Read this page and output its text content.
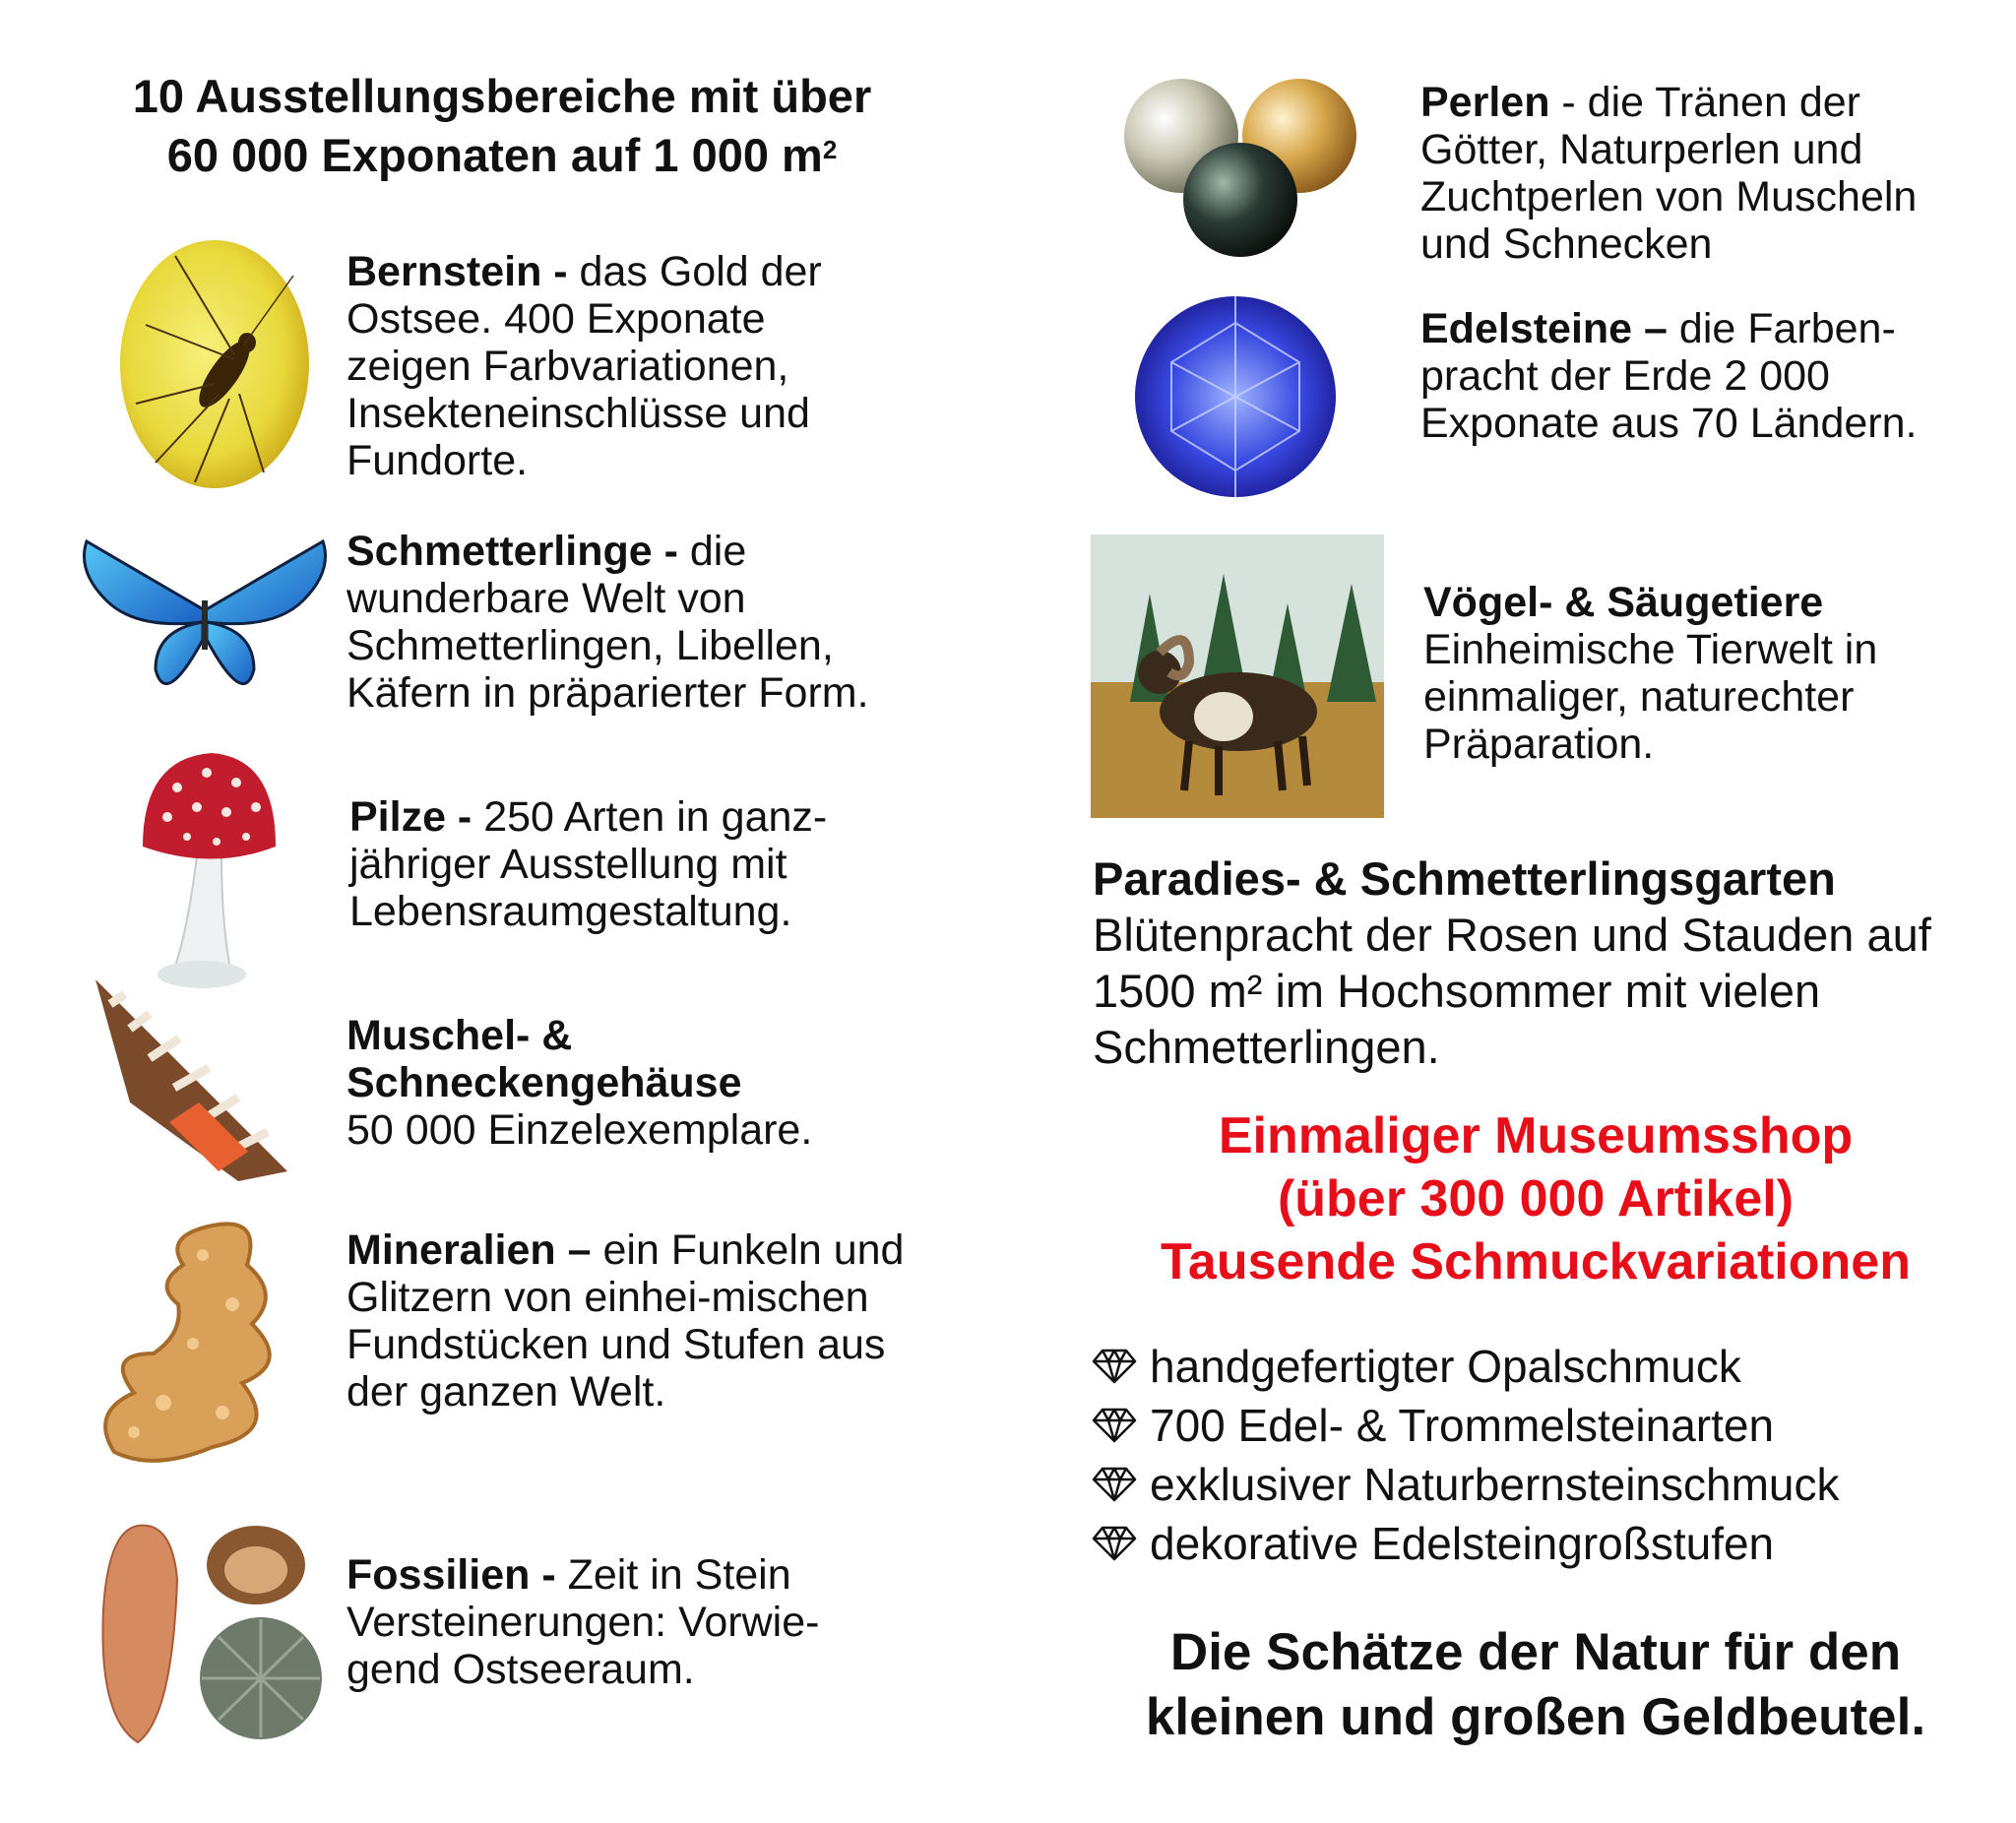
10 Ausstellungsbereiche mit über
60 000 Exponaten auf 1 000 $m^2$
Bernstein - das Gold der Ostsee. 400 Exponate zeigen Farbvariationen, Insekteneinschlüsse und Fundorte.
Schmetterlinge - die wunderbare Welt von Schmetterlingen, Libellen, Käfern in präparierter Form.
Pilze - 250 Arten in ganz-jähriger Ausstellung mit Lebensraumgestaltung.
Muschel- & Schneckengehäuse
50 000 Einzelexemplare.
Mineralien – ein Funkeln und Glitzern von einhei-mischen Fundstücken und Stufen aus der ganzen Welt.
Fossilien - Zeit in Stein Versteinerungen: Vorwie-gend Ostseeraum.
Perlen - die Tränen der Götter, Naturperlen und Zuchtperlen von Muscheln und Schnecken
Edelsteine – die Farben-pracht der Erde 2 000 Exponate aus 70 Ländern.
Vögel- & Säugetiere
Einheimische Tierwelt in einmaliger, naturechter Präparation.
Paradies- & Schmetterlingsgarten
Blütenpracht der Rosen und Stauden auf 1500 m² im Hochsommer mit vielen Schmetterlingen.
Einmaliger Museumsshop
(über 300 000 Artikel)
Tausende Schmuckvariationen
handgefertigter Opalschmuck
700 Edel- & Trommelsteinarten
exklusiver Naturbernsteinschmuck
dekorative Edelsteingroßstufen
Die Schätze der Natur für den
kleinen und großen Geldbeutel.
